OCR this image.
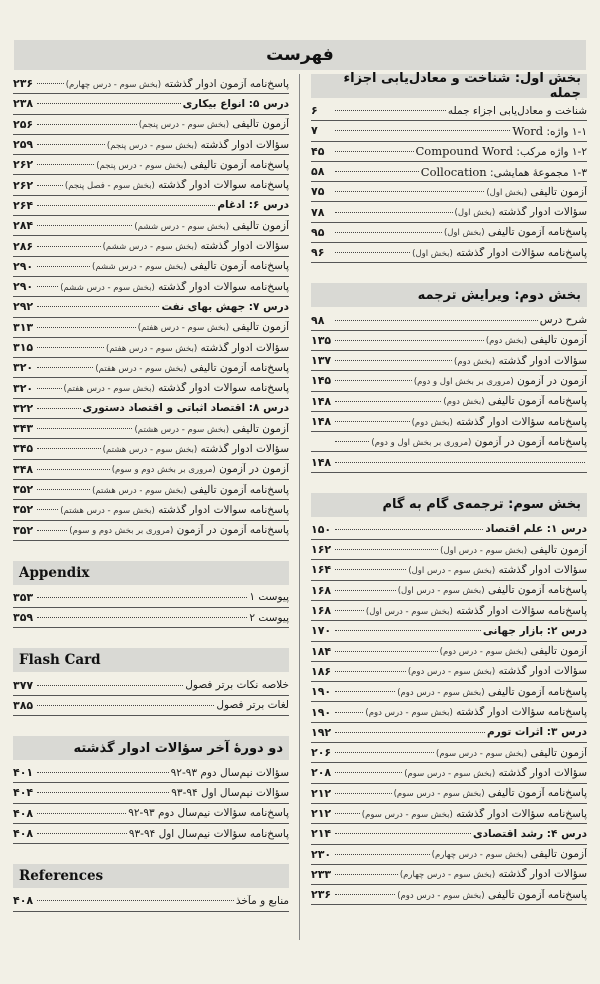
فهرست
بخش اول: شناخت و معادل‌یابی اجزاء جمله
شناخت و معادل‌یابی اجزاء جمله
۶
۱-۱ واژه: Word
۷
۱-۲ واژه مرکب: Compound Word
۴۵
۱-۳ مجموعهٔ همایشی: Collocation
۵۸
آزمون تألیفی (بخش اول)
۷۵
سؤالات ادوار گذشته (بخش اول)
۷۸
پاسخ‌نامه آزمون تألیفی (بخش اول)
۹۵
پاسخ‌نامه سؤالات ادوار گذشته (بخش اول)
۹۶
بخش دوم: ویرایش ترجمه
شرح درس
۹۸
آزمون تألیفی (بخش دوم)
۱۳۵
سؤالات ادوار گذشته (بخش دوم)
۱۳۷
آزمون در آزمون (مروری بر بخش اول و دوم)
۱۴۵
پاسخ‌نامه آزمون تألیفی (بخش دوم)
۱۴۸
پاسخ‌نامه سؤالات ادوار گذشته (بخش دوم)
۱۴۸
پاسخ‌نامه آزمون در آزمون (مروری بر بخش اول و دوم)
۱۴۸
بخش سوم: ترجمه‌ی گام به گام
درس ۱: علم اقتصاد
۱۵۰
آزمون تألیفی (بخش سوم - درس اول)
۱۶۲
سؤالات ادوار گذشته (بخش سوم - درس اول)
۱۶۴
پاسخ‌نامه آزمون تألیفی (بخش سوم - درس اول)
۱۶۸
پاسخ‌نامه سؤالات ادوار گذشته (بخش سوم - درس اول)
۱۶۸
درس ۲: بازار جهانی
۱۷۰
آزمون تألیفی (بخش سوم - درس دوم)
۱۸۴
سؤالات ادوار گذشته (بخش سوم - درس دوم)
۱۸۶
پاسخ‌نامه آزمون تألیفی (بخش سوم - درس دوم)
۱۹۰
پاسخ‌نامه سؤالات ادوار گذشته (بخش سوم - درس دوم)
۱۹۰
درس ۳: اثرات تورم
۱۹۲
آزمون تألیفی (بخش سوم - درس سوم)
۲۰۶
سؤالات ادوار گذشته (بخش سوم - درس سوم)
۲۰۸
پاسخ‌نامه آزمون تألیفی (بخش سوم - درس سوم)
۲۱۲
پاسخ‌نامه سؤالات ادوار گذشته (بخش سوم - درس سوم)
۲۱۲
درس ۴: رشد اقتصادی
۲۱۴
آزمون تألیفی (بخش سوم - درس چهارم)
۲۳۰
سؤالات ادوار گذشته (بخش سوم - درس چهارم)
۲۳۳
پاسخ‌نامه آزمون تألیفی (بخش سوم - درس دوم)
۲۳۶
پاسخ‌نامه آزمون ادوار گذشته (بخش سوم - درس چهارم)
۲۳۶
درس ۵: انواع بیکاری
۲۳۸
آزمون تألیفی (بخش سوم - درس پنجم)
۲۵۶
سؤالات ادوار گذشته (بخش سوم - درس پنجم)
۲۵۹
پاسخ‌نامه آزمون تألیفی (بخش سوم - درس پنجم)
۲۶۲
پاسخ‌نامه سوالات ادوار گذشته (بخش سوم - فصل پنجم)
۲۶۲
درس ۶: ادغام
۲۶۴
آزمون تألیفی (بخش سوم - درس ششم)
۲۸۴
سؤالات ادوار گذشته (بخش سوم - درس ششم)
۲۸۶
پاسخ‌نامه آزمون تألیفی (بخش سوم - درس ششم)
۲۹۰
پاسخ‌نامه سوالات ادوار گذشته (بخش سوم - درس ششم)
۲۹۰
درس ۷: جهش بهای نفت
۲۹۲
آزمون تألیفی (بخش سوم - درس هفتم)
۳۱۳
سؤالات ادوار گذشته (بخش سوم - درس هفتم)
۳۱۵
پاسخ‌نامه آزمون تألیفی (بخش سوم - درس هفتم)
۳۲۰
پاسخ‌نامه سوالات ادوار گذشته (بخش سوم - درس هفتم)
۳۲۰
درس ۸: اقتصاد اثباتی و اقتصاد دستوری
۳۲۲
آزمون تألیفی (بخش سوم - درس هشتم)
۳۴۳
سؤالات ادوار گذشته (بخش سوم - درس هشتم)
۳۴۵
آزمون در آزمون (مروری بر بخش دوم و سوم)
۳۴۸
پاسخ‌نامه آزمون تألیفی (بخش سوم - درس هشتم)
۳۵۲
پاسخ‌نامه سوالات ادوار گذشته (بخش سوم - درس هشتم)
۳۵۲
پاسخ‌نامه آزمون در آزمون (مروری بر بخش دوم و سوم)
۳۵۲
Appendix
پیوست ۱
۳۵۳
پیوست ۲
۳۵۹
Flash Card
خلاصه نکات برتر فصول
۳۷۷
لغات برتر فصول
۳۸۵
دو دورهٔ آخر سؤالات ادوار گذشته
سؤالات نیم‌سال دوم ۹۳-۹۲
۴۰۱
سؤالات نیم‌سال اول ۹۴-۹۳
۴۰۴
پاسخ‌نامه سؤالات نیم‌سال دوم ۹۳-۹۲
۴۰۸
پاسخ‌نامه سؤالات نیم‌سال اول ۹۴-۹۳
۴۰۸
References
منابع و مآخذ
۴۰۸
